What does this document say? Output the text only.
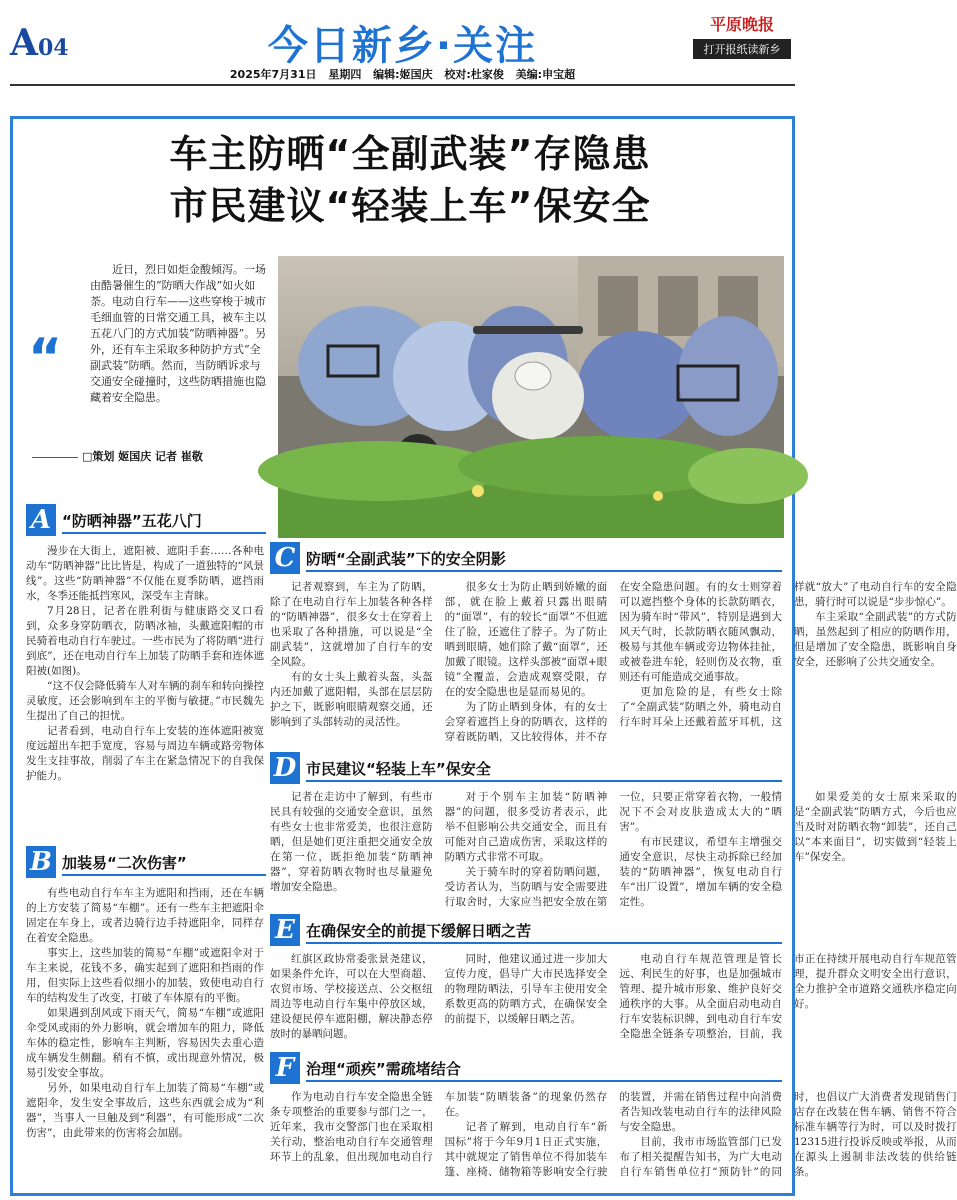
A04	今日新乡·关注	平原晚报
打开报纸读新乡
2025年7月31日 星期四 编辑:姬国庆 校对:杜家俊 美编:申宝超
车主防晒“全副武装”存隐患
市民建议“轻装上车”保安全
“
近日，烈日如炬金酸倾泻。一场由酷暑催生的“防晒大作战”如火如荼。电动自行车——这些穿梭于城市毛细血管的日常交通工具，被车主以五花八门的方式加装“防晒神器”。另外，还有车主采取多种防护方式“全副武装”防晒。然而，当防晒诉求与交通安全碰撞时，这些防晒措施也隐藏着安全隐患。
□策划 姬国庆 记者 崔敬
A “防晒神器”五花八门

漫步在大街上，遮阳被、遮阳手套……各种电动车“防晒神器”比比皆是，构成了一道独特的“风景线”。这些“防晒神器”不仅能在夏季防晒，遮挡雨水，冬季还能抵挡寒风，深受车主青睐。

7月28日，记者在胜利街与健康路交叉口看到，众多身穿防晒衣，防晒冰袖，头戴遮阳帽的市民骑着电动自行车驶过。一些市民为了将防晒“进行到底”，还在电动自行车上加装了防晒手套和连体遮阳被(如图)。

“这不仅会降低骑车人对车辆的刹车和转向操控灵敏度，还会影响到车主的平衡与敏捷。”市民魏先生提出了自己的担忧。

记者看到，电动自行车上安装的连体遮阳被宽度远超出车把手宽度，容易与周边车辆或路旁物体发生支挂事故，削弱了车主在紧急情况下的自我保护能力。

B 加装易“二次伤害”

有些电动自行车车主为遮阳和挡雨，还在车辆的上方安装了简易“车棚”。还有一些车主把遮阳伞固定在车身上，或者边骑行边手持遮阳伞，同样存在着安全隐患。

事实上，这些加装的简易“车棚”或遮阳伞对于车主来说，花钱不多，确实起到了遮阳和挡雨的作用，但实际上这些看似细小的加装，致使电动自行车的结构发生了改变，打破了车体原有的平衡。

如果遇到刮风或下雨天气，简易“车棚”或遮阳伞受风或雨的外力影响，就会增加车的阻力，降低车体的稳定性，影响车主判断，容易因失去重心造成车辆发生侧翻。稍有不慎，或出现意外情况，极易引发安全事故。

另外，如果电动自行车上加装了简易“车棚”或遮阳伞，发生安全事故后，这些东西就会成为“利器”，当事人一旦触及到“利器”，有可能形成“二次伤害”，由此带来的伤害将会加剧。

C 防晒“全副武装”下的安全阴影

记者观察到，车主为了防晒，除了在电动自行车上加装各种各样的“防晒神器”，很多女士在穿着上也采取了各种措施，可以说是“全副武装”，这就增加了自行车的安全风险。

有的女士头上戴着头盔，头盔内还加戴了遮阳帽，头部在层层防护之下，既影响眼睛观察交通，还影响到了头部转动的灵活性。

很多女士为防止晒到娇嫩的面部，就在脸上戴着只露出眼睛的“面罩”，有的较长“面罩”不但遮住了脸，还遮住了脖子。为了防止晒到眼睛，她们除了戴“面罩”，还加戴了眼镜。这样头部被“面罩+眼镜”全覆盖，会造成观察受限，存在的安全隐患也是显而易见的。

为了防止晒到身体，有的女士会穿着遮挡上身的防晒衣，这样的穿着既防晒，又比较得体，并不存在安全隐患问题。有的女士则穿着可以遮挡整个身体的长款防晒衣，因为骑车时“带风”，特别是遇到大风天气时，长款防晒衣随风飘动，极易与其他车辆或旁边物体挂扯，或被卷进车轮，轻则伤及衣物，重则还有可能造成交通事故。

更加危险的是，有些女士除了“全副武装”防晒之外，骑电动自行车时耳朵上还戴着蓝牙耳机，这样就“放大”了电动自行车的安全隐患，骑行时可以说是“步步惊心”。

车主采取“全副武装”的方式防晒，虽然起到了相应的防晒作用，但是增加了安全隐患，既影响自身安全，还影响了公共交通安全。

D 市民建议“轻装上车”保安全

记者在走访中了解到，有些市民具有较强的交通安全意识，虽然有些女士也非常爱美，也很注意防晒，但是她们更注重把交通安全放在第一位，既拒绝加装“防晒神器”，穿着防晒衣物时也尽量避免增加安全隐患。

对于个别车主加装“防晒神器”的问题，很多受访者表示，此举不但影响公共交通安全，而且有可能对自己造成伤害，采取这样的防晒方式非常不可取。

关于骑车时的穿着防晒问题，受访者认为，当防晒与安全需要进行取舍时，大家应当把安全放在第一位，只要正常穿着衣物，一般情况下不会对皮肤造成太大的“晒害”。

有市民建议，希望车主增强交通安全意识，尽快主动拆除已经加装的“防晒神器”，恢复电动自行车“出厂设置”，增加车辆的安全稳定性。

如果爱美的女士原来采取的是“全副武装”防晒方式，今后也应当及时对防晒衣物“卸装”，还自己以“本来面目”，切实做到“轻装上车”保安全。

E 在确保安全的前提下缓解日晒之苦

红旗区政协常委张景尧建议，如果条件允许，可以在大型商超、农贸市场、学校接送点、公交枢纽周边等电动自行车集中停放区域，建设便民停车遮阳棚，解决静态停放时的暴晒问题。

同时，他建议通过进一步加大宣传力度，倡导广大市民选择安全的物理防晒法，引导车主使用安全系数更高的防晒方式，在确保安全的前提下，以缓解日晒之苦。

电动自行车规范管理是管长远、利民生的好事，也是加强城市管理、提升城市形象、维护良好交通秩序的大事。从全面启动电动自行车安装标识牌，到电动自行车安全隐患全链条专项整治，目前，我市正在持续开展电动自行车规范管理，提升群众文明安全出行意识，全力推护全市道路交通秩序稳定向好。

F 治理“顽疾”需疏堵结合

作为电动自行车安全隐患全链条专项整治的重要参与部门之一，近年来，我市交警部门也在采取相关行动，整治电动自行车交通管理环节上的乱象，但出现加电动自行车加装“防晒装备”的现象仍然存在。

记者了解到，电动自行车“新国标”将于今年9月1日正式实施，其中就规定了销售单位不得加装车篷、座椅、储物箱等影响安全行驶的装置，并需在销售过程中向消费者告知改装电动自行车的法律风险与安全隐患。

目前，我市市场监管部门已发布了相关提醒告知书，为广大电动自行车销售单位打“预防针”的同时，也倡议广大消费者发现销售门店存在改装在售车辆、销售不符合标准车辆等行为时，可以及时拨打12315进行投诉反映或举报，从而在源头上遏制非法改装的供给链条。
